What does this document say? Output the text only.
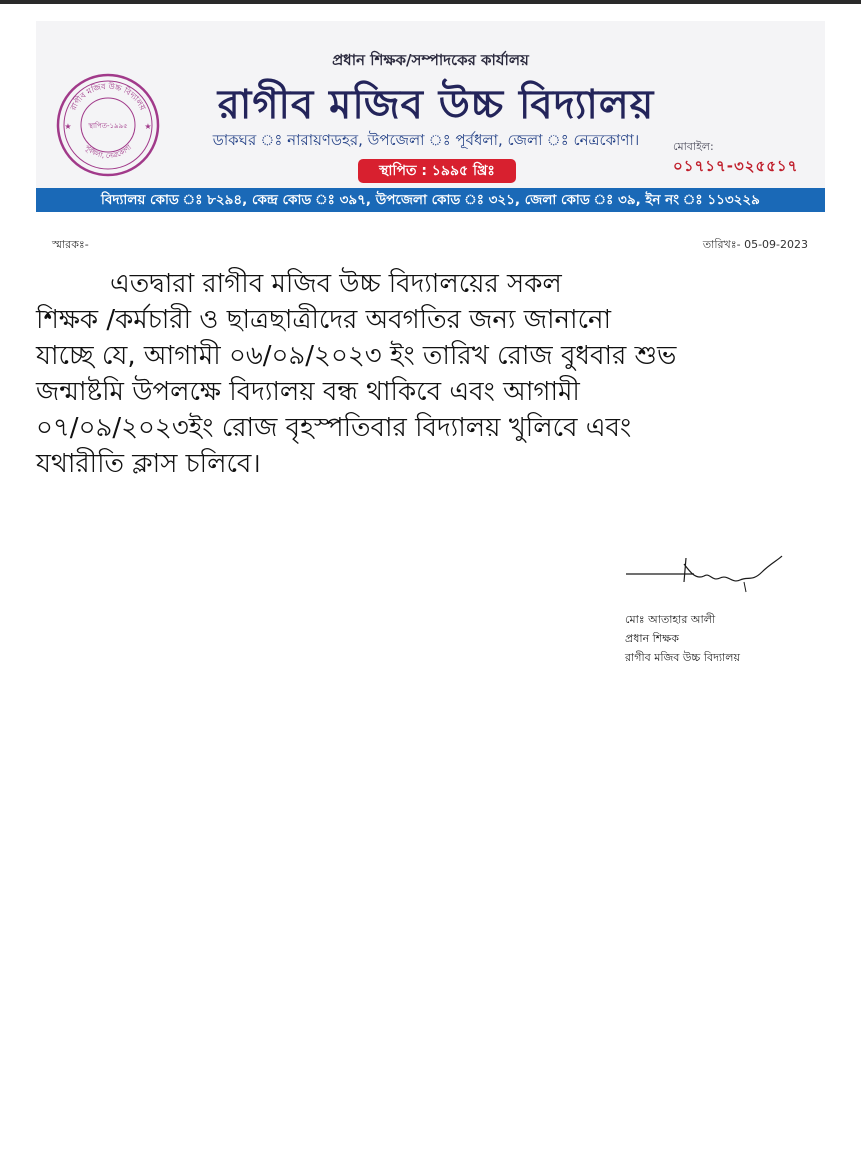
রাগীব মজিব উচ্চ বিদ্যালয়
পূর্বধলা, নেত্রকোণা
স্থাপিত-১৯৯৫
★	★
প্রধান শিক্ষক/সম্পাদকের কার্যালয়
রাগীব মজিব উচ্চ বিদ্যালয়
ডাকঘর ঃ নারায়ণডহর, উপজেলা ঃ পূর্বধলা, জেলা ঃ নেত্রকোণা।
স্থাপিত : ১৯৯৫ খ্রিঃ
মোবাইল:
০১৭১৭-৩২৫৫১৭
বিদ্যালয় কোড ঃ ৮২৯৪, কেন্দ্র কোড ঃ ৩৯৭, উপজেলা কোড ঃ ৩২১, জেলা কোড ঃ ৩৯, ইন নং ঃ ১১৩২২৯
স্মারকঃ-	তারিখঃ- 05-09-2023
এতদ্বারা রাগীব মজিব উচ্চ বিদ্যালয়ের সকল
শিক্ষক /কর্মচারী ও ছাত্রছাত্রীদের অবগতির জন্য জানানো
যাচ্ছে যে, আগামী ০৬/০৯/২০২৩ ইং তারিখ রোজ বুধবার শুভ
জন্মাষ্টমি উপলক্ষে বিদ্যালয় বন্ধ থাকিবে এবং আগামী
০৭/০৯/২০২৩ইং রোজ বৃহস্পতিবার বিদ্যালয় খুলিবে এবং
যথারীতি ক্লাস চলিবে।
মোঃ আতাহার আলী
প্রধান শিক্ষক
রাগীব মজিব উচ্চ বিদ্যালয়
